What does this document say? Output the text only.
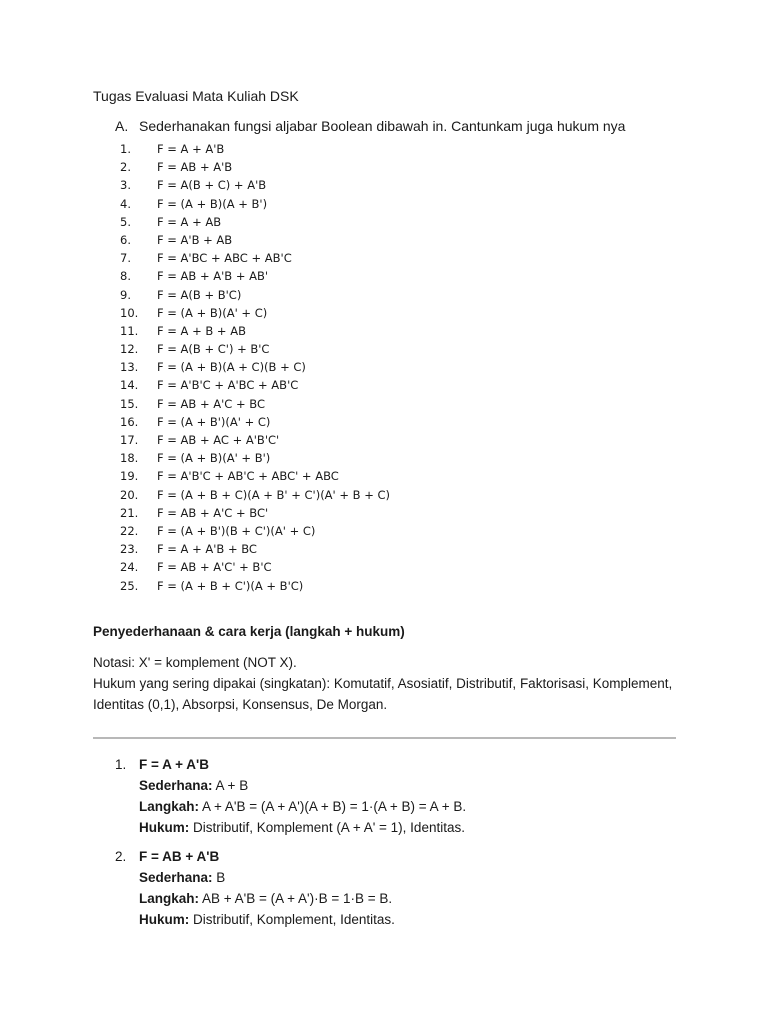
Tugas Evaluasi Mata Kuliah DSK
A. Sederhanakan fungsi aljabar Boolean dibawah in. Cantunkam juga hukum nya
1. F = A + A'B
2. F = AB + A'B
3. F = A(B + C) + A'B
4. F = (A + B)(A + B')
5. F = A + AB
6. F = A'B + AB
7. F = A'BC + ABC + AB'C
8. F = AB + A'B + AB'
9. F = A(B + B'C)
10. F = (A + B)(A' + C)
11. F = A + B + AB
12. F = A(B + C') + B'C
13. F = (A + B)(A + C)(B + C)
14. F = A'B'C + A'BC + AB'C
15. F = AB + A'C + BC
16. F = (A + B')(A' + C)
17. F = AB + AC + A'B'C'
18. F = (A + B)(A' + B')
19. F = A'B'C + AB'C + ABC' + ABC
20. F = (A + B + C)(A + B' + C')(A' + B + C)
21. F = AB + A'C + BC'
22. F = (A + B')(B + C')(A' + C)
23. F = A + A'B + BC
24. F = AB + A'C' + B'C
25. F = (A + B + C')(A + B'C)
Penyederhanaan & cara kerja (langkah + hukum)

Notasi: X' = komplement (NOT X).

Hukum yang sering dipakai (singkatan): Komutatif, Asosiatif, Distributif, Faktorisasi, Komplement, Identitas (0,1), Absorpsi, Konsensus, De Morgan.

1. F = A + A'B
Sederhana: A + B
Langkah: A + A'B = (A + A')(A + B) = 1·(A + B) = A + B.
Hukum: Distributif, Komplement (A + A' = 1), Identitas.
2. F = AB + A'B
Sederhana: B
Langkah: AB + A'B = (A + A')·B = 1·B = B.
Hukum: Distributif, Komplement, Identitas.
